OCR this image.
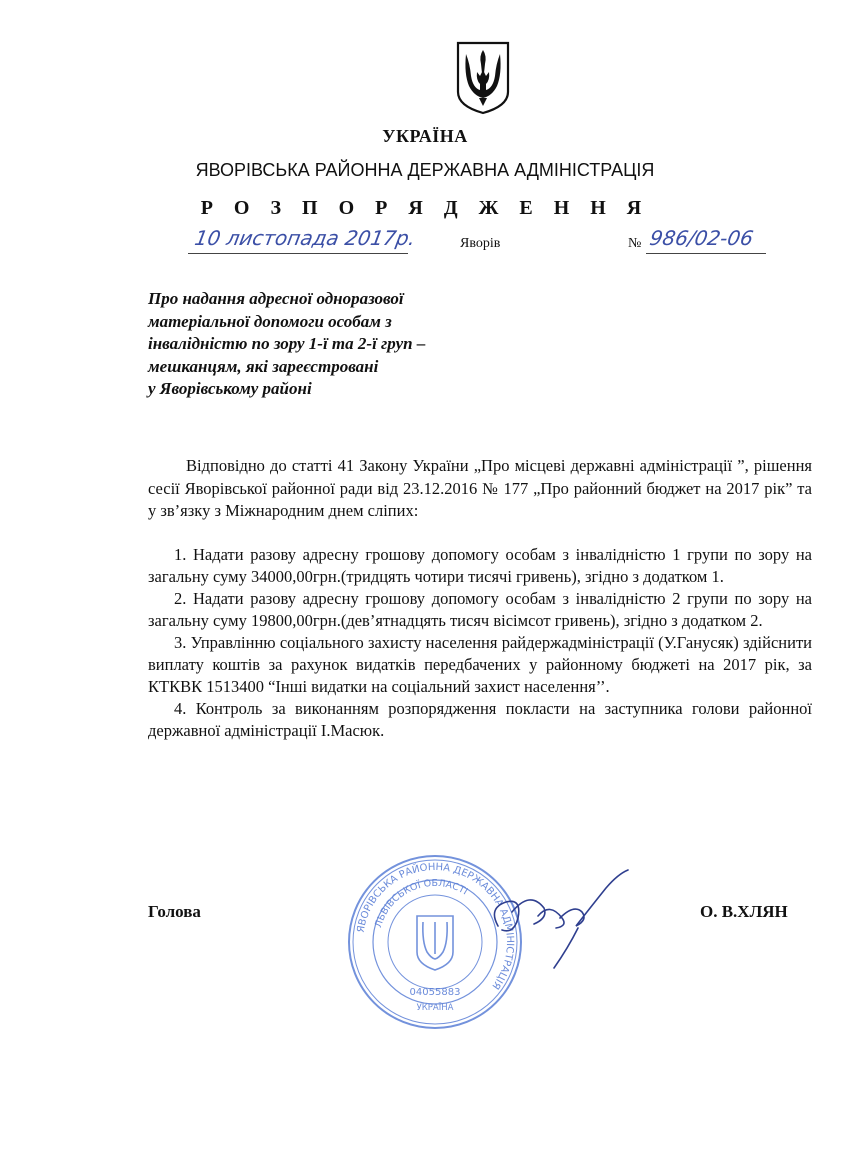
УКРАЇНА
ЯВОРІВСЬКА РАЙОННА ДЕРЖАВНА АДМІНІСТРАЦІЯ
Р О З П О Р Я Д Ж Е Н Н Я
10 листопада 2017р.	Яворів	№ 986/02-06
Про надання адресної одноразової
матеріальної допомоги особам з
інвалідністю по зору 1-ї та 2-ї груп –
мешканцям, які зареєстровані
у Яворівському районі
Відповідно до статті 41 Закону України „Про місцеві державні адміністрації ”, рішення сесії Яворівської районної ради від 23.12.2016 № 177 „Про районний бюджет на 2017 рік” та у зв’язку з Міжнародним днем сліпих:

1. Надати разову адресну грошову допомогу особам з інвалідністю 1 групи по зору на загальну суму 34000,00грн.(тридцять чотири тисячі гривень), згідно з додатком 1.

2. Надати разову адресну грошову допомогу особам з інвалідністю 2 групи по зору на загальну суму 19800,00грн.(дев’ятнадцять тисяч вісімсот гривень), згідно з додатком 2.

3. Управлінню соціального захисту населення райдержадміністрації (У.Ганусяк) здійснити виплату коштів за рахунок видатків передбачених у районному бюджеті на 2017 рік, за КТКВК 1513400 “Інші видатки на соціальний захист населення’’.

4. Контроль за виконанням розпорядження покласти на заступника голови районної державної адміністрації І.Масюк.

Голова	О. В.ХЛЯН
ЯВОРІВСЬКА РАЙОННА ДЕРЖАВНА АДМІНІСТРАЦІЯ
ЛЬВІВСЬКОЇ ОБЛАСТІ
04055883
УКРАЇНА
